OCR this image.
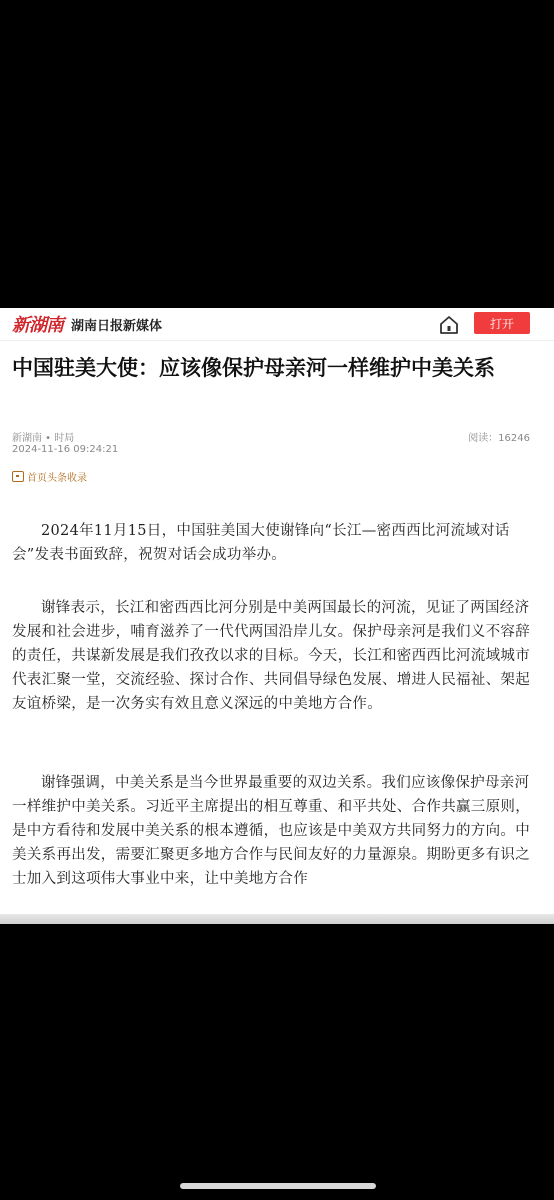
新湖南 湖南日报新媒体	打开
中国驻美大使：应该像保护母亲河一样维护中美关系
新湖南 • 时局
2024-11-16 09:24:21
阅读：16246
首页头条收录
2024年11月15日，中国驻美国大使谢锋向“长江—密西西比河流域对话会”发表书面致辞，祝贺对话会成功举办。
谢锋表示，长江和密西西比河分别是中美两国最长的河流，见证了两国经济发展和社会进步，哺育滋养了一代代两国沿岸儿女。保护母亲河是我们义不容辞的责任，共谋新发展是我们孜孜以求的目标。今天，长江和密西西比河流域城市代表汇聚一堂，交流经验、探讨合作、共同倡导绿色发展、增进人民福祉、架起友谊桥梁，是一次务实有效且意义深远的中美地方合作。
谢锋强调，中美关系是当今世界最重要的双边关系。我们应该像保护母亲河一样维护中美关系。习近平主席提出的相互尊重、和平共处、合作共赢三原则，是中方看待和发展中美关系的根本遵循，也应该是中美双方共同努力的方向。中美关系再出发，需要汇聚更多地方合作与民间友好的力量源泉。期盼更多有识之士加入到这项伟大事业中来，让中美地方合作
